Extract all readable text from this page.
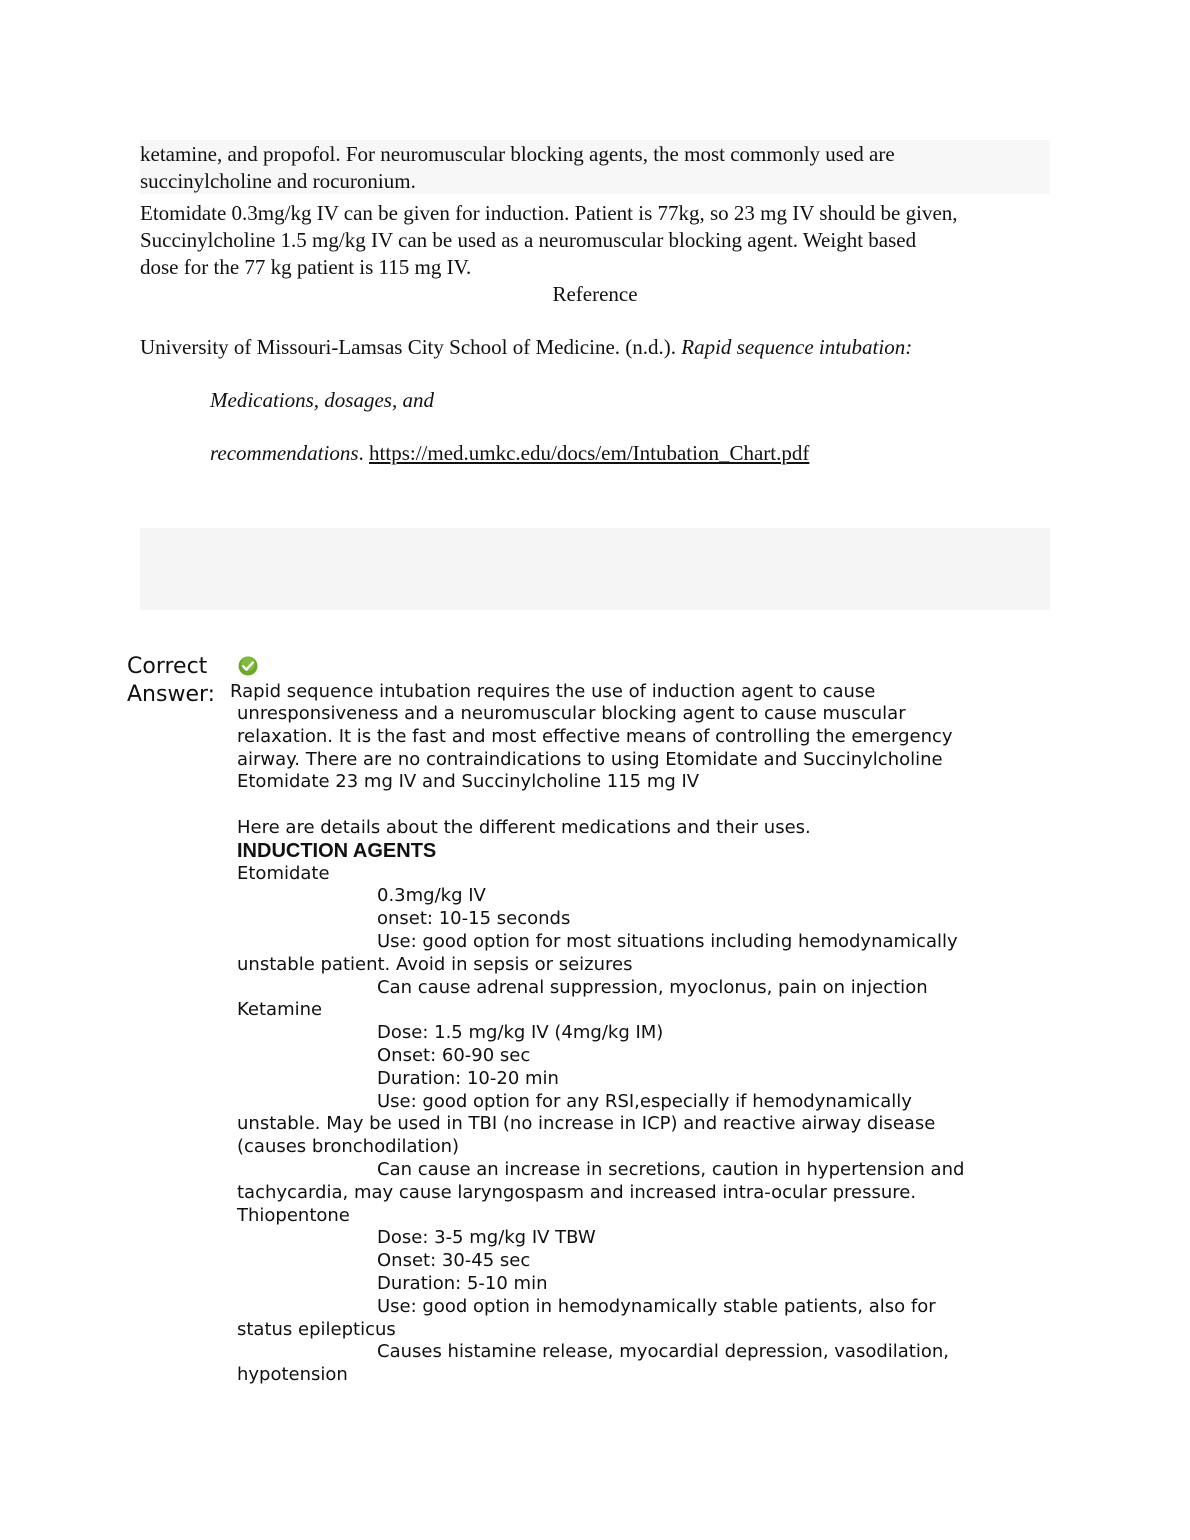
ketamine, and propofol. For neuromuscular blocking agents, the most commonly used are
succinylcholine and rocuronium.

Etomidate 0.3mg/kg IV can be given for induction. Patient is 77kg, so 23 mg IV should be given,
Succinylcholine 1.5 mg/kg IV can be used as a neuromuscular blocking agent. Weight based
dose for the 77 kg patient is 115 mg IV.

Reference

University of Missouri-Lamsas City School of Medicine. (n.d.). Rapid sequence intubation:

Medications, dosages, and

recommendations. https://med.umkc.edu/docs/em/Intubation_Chart.pdf

Correct
Answer: Rapid sequence intubation requires the use of induction agent to cause
unresponsiveness and a neuromuscular blocking agent to cause muscular
relaxation. It is the fast and most effective means of controlling the emergency
airway. There are no contraindications to using Etomidate and Succinylcholine
Etomidate 23 mg IV and Succinylcholine 115 mg IV
Here are details about the different medications and their uses.
INDUCTION AGENTS
Etomidate
0.3mg/kg IV
onset: 10-15 seconds
Use: good option for most situations including hemodynamically
unstable patient. Avoid in sepsis or seizures
Can cause adrenal suppression, myoclonus, pain on injection
Ketamine
Dose: 1.5 mg/kg IV (4mg/kg IM)
Onset: 60-90 sec
Duration: 10-20 min
Use: good option for any RSI,especially if hemodynamically
unstable. May be used in TBI (no increase in ICP) and reactive airway disease
(causes bronchodilation)
Can cause an increase in secretions, caution in hypertension and
tachycardia, may cause laryngospasm and increased intra-ocular pressure.
Thiopentone
Dose: 3-5 mg/kg IV TBW
Onset: 30-45 sec
Duration: 5-10 min
Use: good option in hemodynamically stable patients, also for
status epilepticus
Causes histamine release, myocardial depression, vasodilation,
hypotension
